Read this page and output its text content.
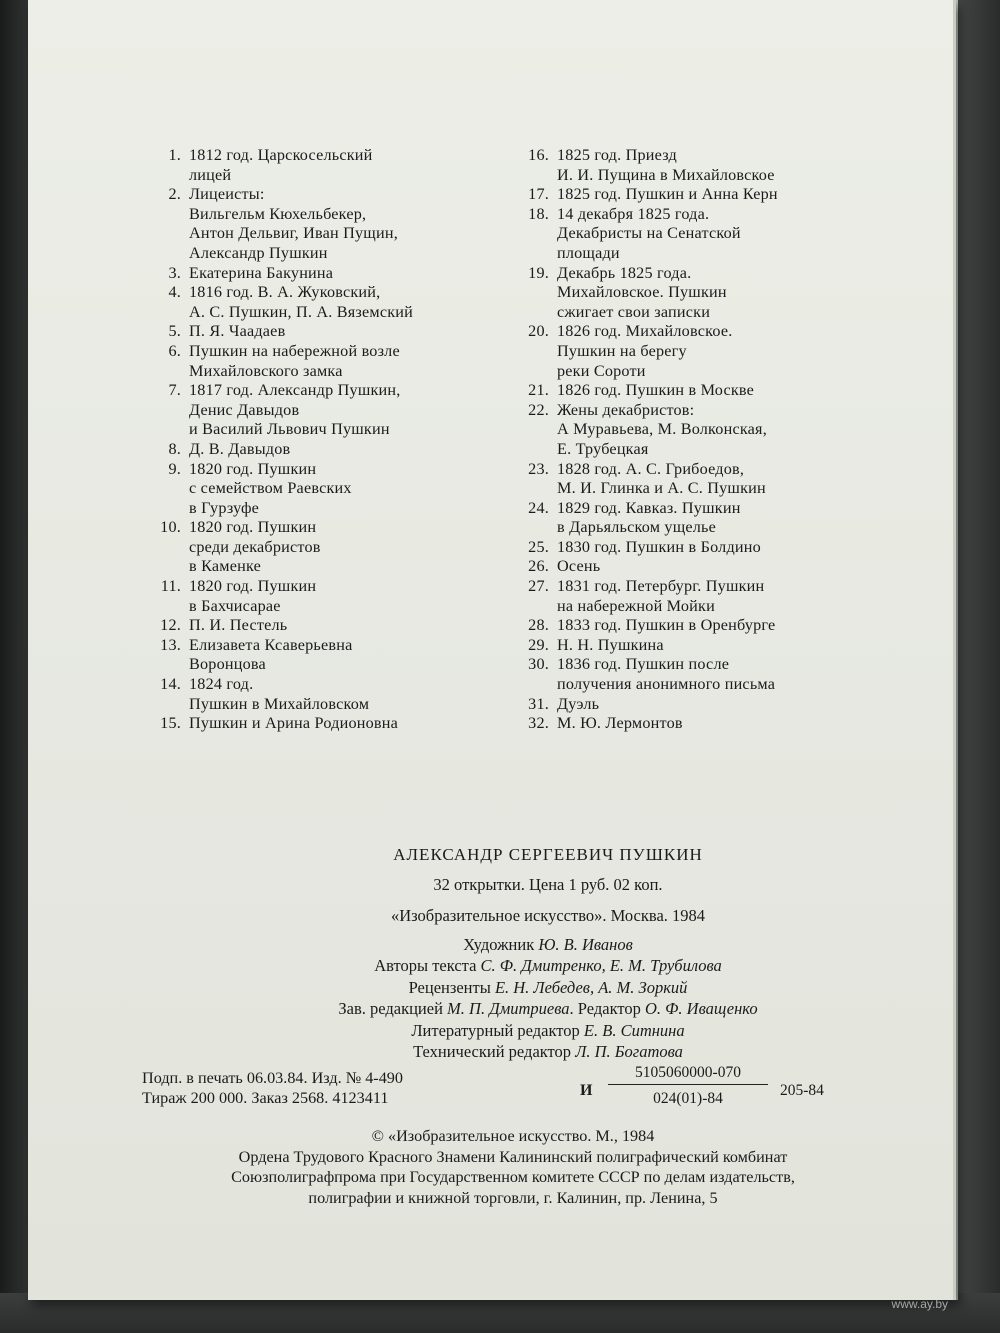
1. 1812 год. Царскосельский
лицей
2. Лицеисты:
Вильгельм Кюхельбекер,
Антон Дельвиг, Иван Пущин,
Александр Пушкин
3. Екатерина Бакунина
4. 1816 год. В. А. Жуковский,
А. С. Пушкин, П. А. Вяземский
5. П. Я. Чаадаев
6. Пушкин на набережной возле
Михайловского замка
7. 1817 год. Александр Пушкин,
Денис Давыдов
и Василий Львович Пушкин
8. Д. В. Давыдов
9. 1820 год. Пушкин
с семейством Раевских
в Гурзуфе
10. 1820 год. Пушкин
среди декабристов
в Каменке
11. 1820 год. Пушкин
в Бахчисарае
12. П. И. Пестель
13. Елизавета Ксаверьевна
Воронцова
14. 1824 год.
Пушкин в Михайловском
15. Пушкин и Арина Родионовна
16. 1825 год. Приезд
И. И. Пущина в Михайловское
17. 1825 год. Пушкин и Анна Керн
18. 14 декабря 1825 года.
Декабристы на Сенатской
площади
19. Декабрь 1825 года.
Михайловское. Пушкин
сжигает свои записки
20. 1826 год. Михайловское.
Пушкин на берегу
реки Сороти
21. 1826 год. Пушкин в Москве
22. Жены декабристов:
А Муравьева, М. Волконская,
Е. Трубецкая
23. 1828 год. А. С. Грибоедов,
М. И. Глинка и А. С. Пушкин
24. 1829 год. Кавказ. Пушкин
в Дарьяльском ущелье
25. 1830 год. Пушкин в Болдино
26. Осень
27. 1831 год. Петербург. Пушкин
на набережной Мойки
28. 1833 год. Пушкин в Оренбурге
29. Н. Н. Пушкина
30. 1836 год. Пушкин после
получения анонимного письма
31. Дуэль
32. М. Ю. Лермонтов
АЛЕКСАНДР СЕРГЕЕВИЧ ПУШКИН
32 открытки. Цена 1 руб. 02 коп.
«Изобразительное искусство». Москва. 1984
Художник Ю. В. Иванов
Авторы текста С. Ф. Дмитренко, Е. М. Трубилова
Рецензенты Е. Н. Лебедев, А. М. Зоркий
Зав. редакцией М. П. Дмитриева. Редактор О. Ф. Иващенко
Литературный редактор Е. В. Ситнина
Технический редактор Л. П. Богатова
Подп. в печать 06.03.84. Изд. № 4-490
Тираж 200 000. Заказ 2568. 4123411	И
5105060000-070
024(01)-84	205-84
© «Изобразительное искусство. М., 1984
Ордена Трудового Красного Знамени Калининский полиграфический комбинат
Союзполиграфпрома при Государственном комитете СССР по делам издательств,
полиграфии и книжной торговли, г. Калинин, пр. Ленина, 5
www.ay.by
